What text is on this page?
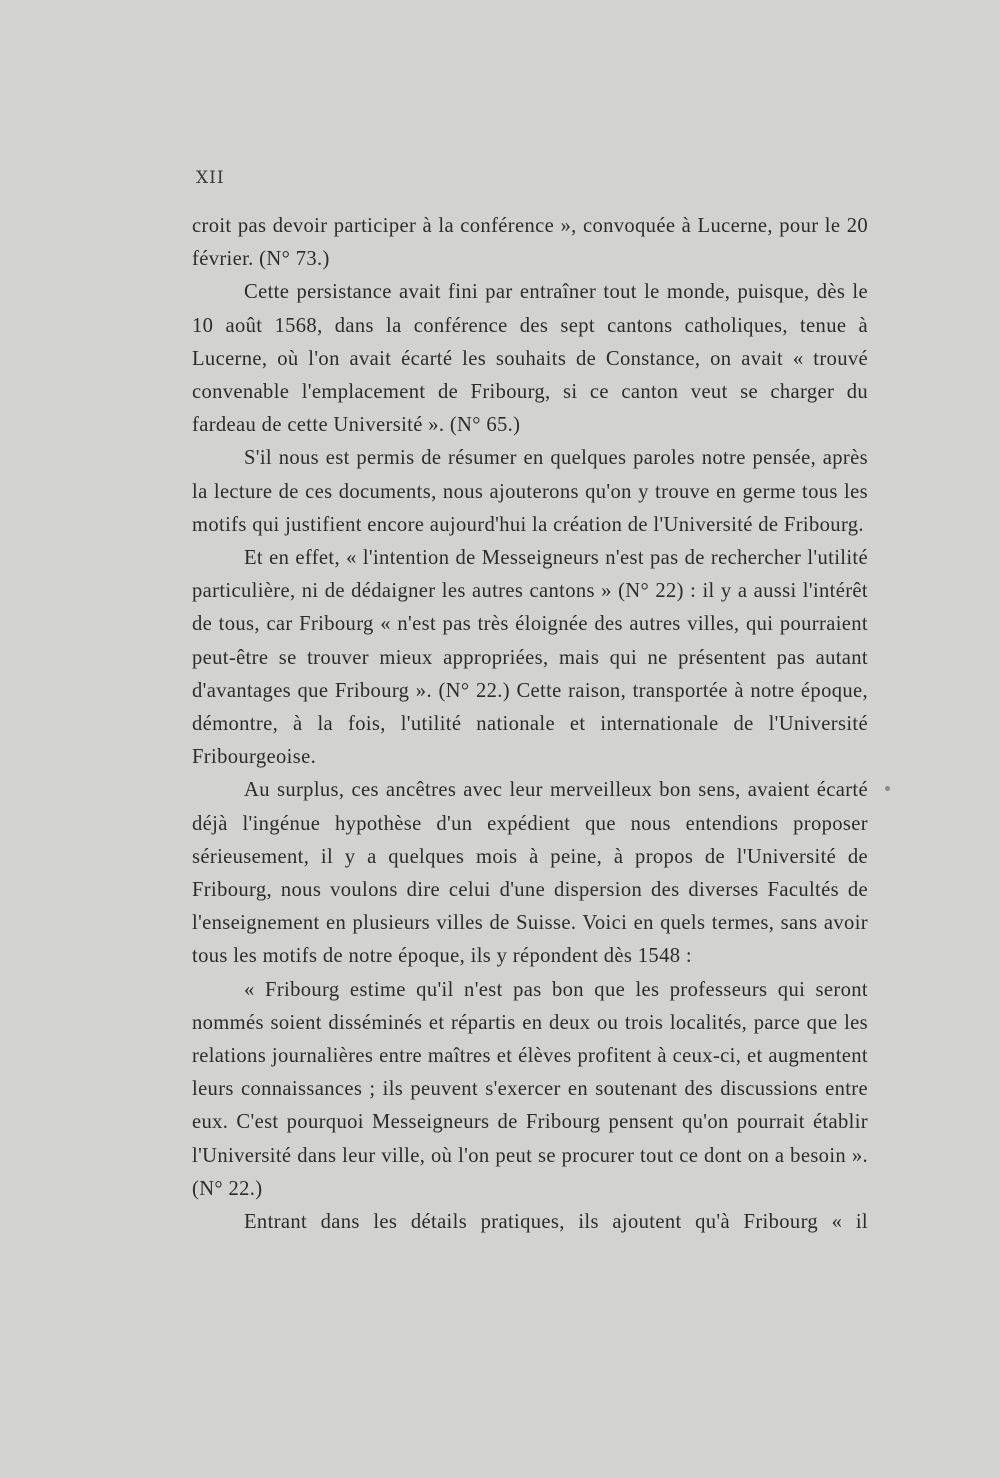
XII

croit pas devoir participer à la conférence », convoquée à Lucerne, pour le 20 février. (N° 73.)

Cette persistance avait fini par entraîner tout le monde, puisque, dès le 10 août 1568, dans la conférence des sept cantons catholiques, tenue à Lucerne, où l'on avait écarté les souhaits de Constance, on avait « trouvé convenable l'emplacement de Fribourg, si ce canton veut se charger du fardeau de cette Université ». (N° 65.)

S'il nous est permis de résumer en quelques paroles notre pensée, après la lecture de ces documents, nous ajouterons qu'on y trouve en germe tous les motifs qui justifient encore aujourd'hui la création de l'Université de Fribourg.

Et en effet, « l'intention de Messeigneurs n'est pas de rechercher l'utilité particulière, ni de dédaigner les autres cantons » (N° 22) : il y a aussi l'intérêt de tous, car Fribourg « n'est pas très éloignée des autres villes, qui pourraient peut-être se trouver mieux appropriées, mais qui ne présentent pas autant d'avantages que Fribourg ». (N° 22.) Cette raison, transportée à notre époque, démontre, à la fois, l'utilité nationale et internationale de l'Université Fribourgeoise.

Au surplus, ces ancêtres avec leur merveilleux bon sens, avaient écarté déjà l'ingénue hypothèse d'un expédient que nous entendions proposer sérieusement, il y a quelques mois à peine, à propos de l'Université de Fribourg, nous voulons dire celui d'une dispersion des diverses Facultés de l'enseignement en plusieurs villes de Suisse. Voici en quels termes, sans avoir tous les motifs de notre époque, ils y répondent dès 1548 :

« Fribourg estime qu'il n'est pas bon que les professeurs qui seront nommés soient disséminés et répartis en deux ou trois localités, parce que les relations journalières entre maîtres et élèves profitent à ceux-ci, et augmentent leurs connaissances ; ils peuvent s'exercer en soutenant des discussions entre eux. C'est pourquoi Messeigneurs de Fribourg pensent qu'on pourrait établir l'Université dans leur ville, où l'on peut se procurer tout ce dont on a besoin ». (N° 22.)

Entrant dans les détails pratiques, ils ajoutent qu'à Fribourg « il
